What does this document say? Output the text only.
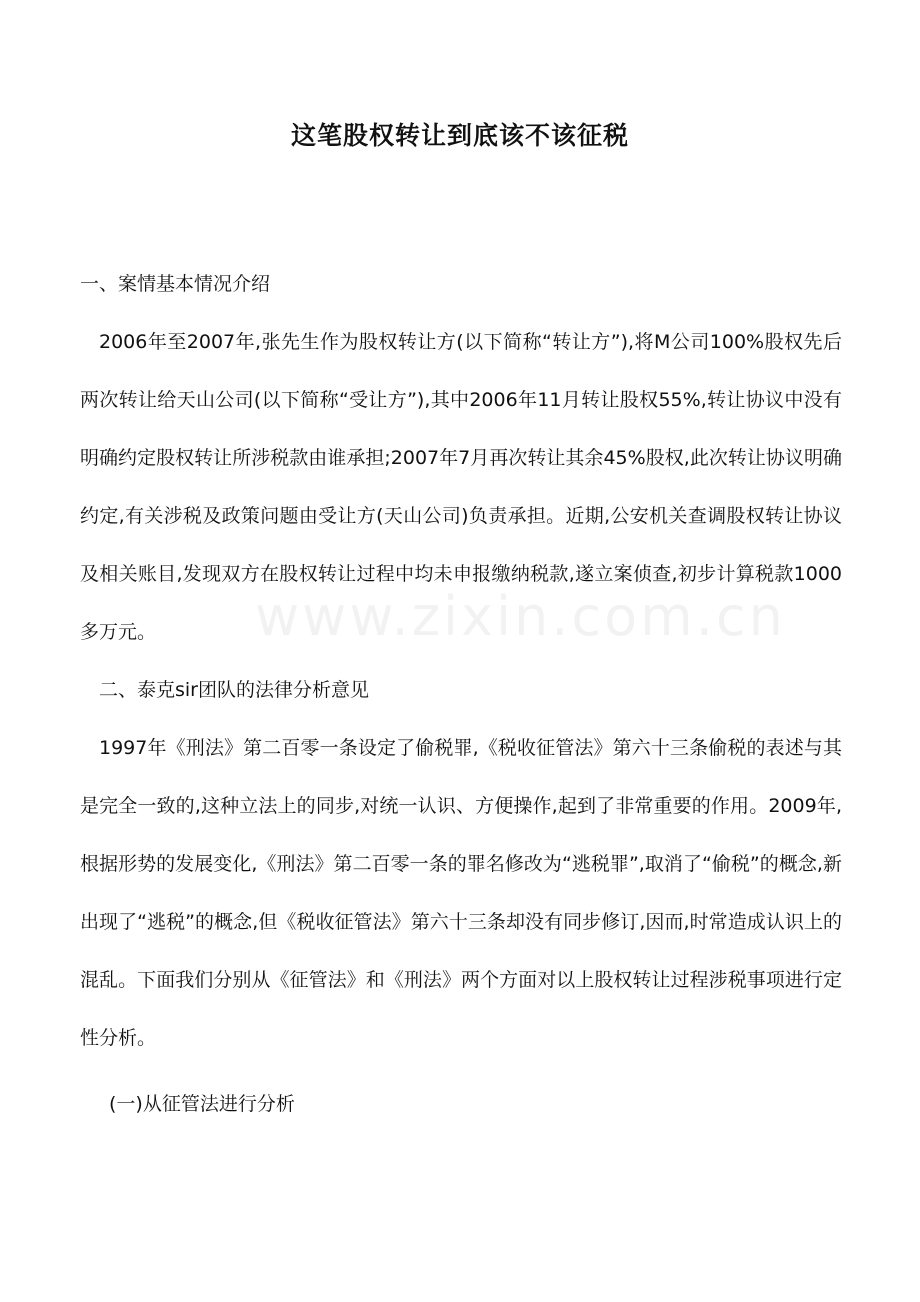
www.zixin.com.cn
这笔股权转让到底该不该征税

一、案情基本情况介绍

2006年至2007年,张先生作为股权转让方(以下简称“转让方”),将M公司100%股权先后两次转让给天山公司(以下简称“受让方”),其中2006年11月转让股权55%,转让协议中没有明确约定股权转让所涉税款由谁承担;2007年7月再次转让其余45%股权,此次转让协议明确约定,有关涉税及政策问题由受让方(天山公司)负责承担。近期,公安机关查调股权转让协议及相关账目,发现双方在股权转让过程中均未申报缴纳税款,遂立案侦查,初步计算税款1000多万元。

二、泰克sir团队的法律分析意见

1997年《刑法》第二百零一条设定了偷税罪,《税收征管法》第六十三条偷税的表述与其是完全一致的,这种立法上的同步,对统一认识、方便操作,起到了非常重要的作用。2009年,根据形势的发展变化,《刑法》第二百零一条的罪名修改为“逃税罪”,取消了“偷税”的概念,新出现了“逃税”的概念,但《税收征管法》第六十三条却没有同步修订,因而,时常造成认识上的混乱。下面我们分别从《征管法》和《刑法》两个方面对以上股权转让过程涉税事项进行定性分析。

(一)从征管法进行分析
